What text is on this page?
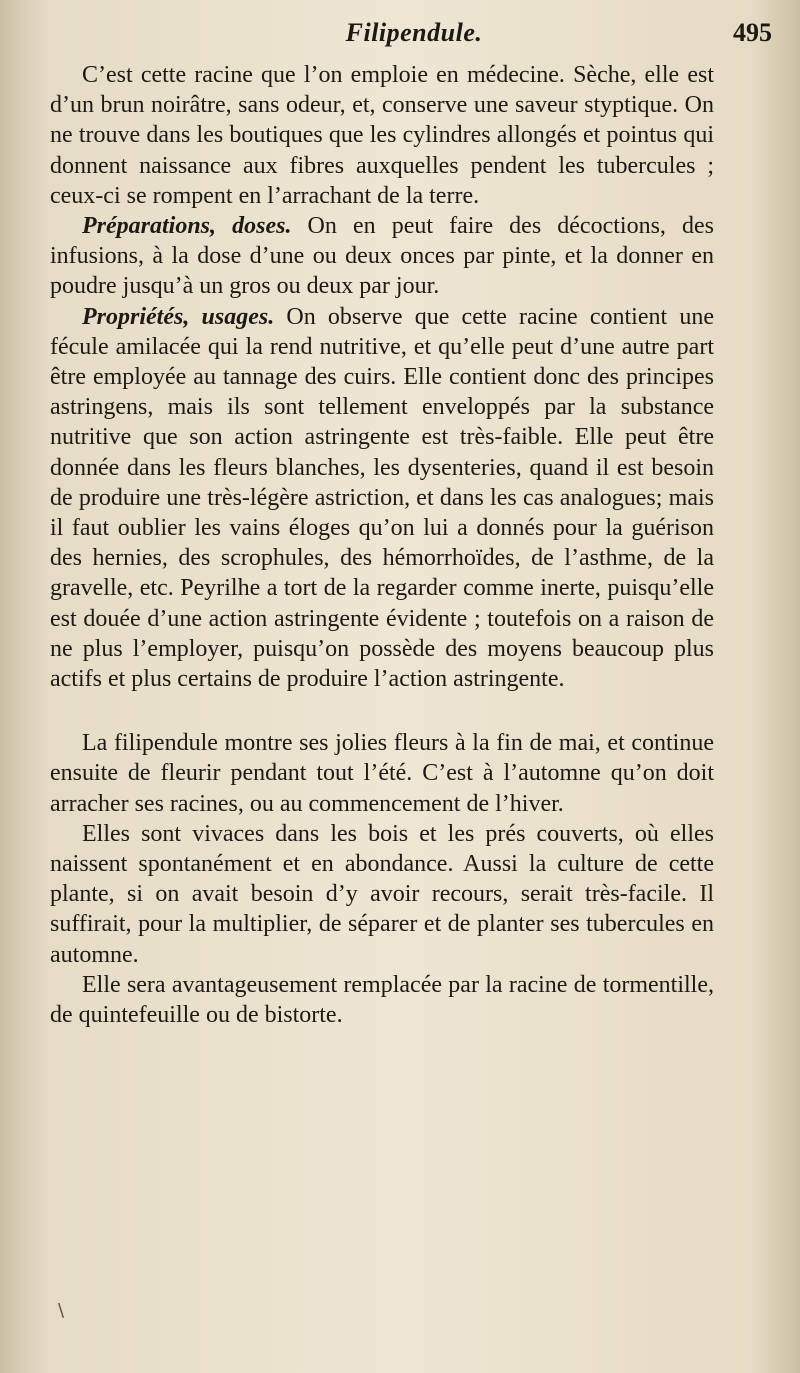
Filipendule.	495

C’est cette racine que l’on emploie en médecine. Sèche, elle est d’un brun noirâtre, sans odeur, et, conserve une saveur styptique. On ne trouve dans les boutiques que les cylindres allongés et pointus qui donnent naissance aux fibres auxquelles pendent les tubercules ; ceux-ci se rompent en l’arrachant de la terre.

Préparations, doses. On en peut faire des décoctions, des infusions, à la dose d’une ou deux onces par pinte, et la donner en poudre jusqu’à un gros ou deux par jour.

Propriétés, usages. On observe que cette racine contient une fécule amilacée qui la rend nutritive, et qu’elle peut d’une autre part être employée au tannage des cuirs. Elle contient donc des principes astringens, mais ils sont tellement enveloppés par la substance nutritive que son action astringente est très-faible. Elle peut être donnée dans les fleurs blanches, les dysenteries, quand il est besoin de produire une très-légère astriction, et dans les cas analogues; mais il faut oublier les vains éloges qu’on lui a donnés pour la guérison des hernies, des scrophules, des hémorrhoïdes, de l’asthme, de la gravelle, etc. Peyrilhe a tort de la regarder comme inerte, puisqu’elle est douée d’une action astringente évidente ; toutefois on a raison de ne plus l’employer, puisqu’on possède des moyens beaucoup plus actifs et plus certains de produire l’action astringente.

La filipendule montre ses jolies fleurs à la fin de mai, et continue ensuite de fleurir pendant tout l’été. C’est à l’automne qu’on doit arracher ses racines, ou au commencement de l’hiver.

Elles sont vivaces dans les bois et les prés couverts, où elles naissent spontanément et en abondance. Aussi la culture de cette plante, si on avait besoin d’y avoir recours, serait très-facile. Il suffirait, pour la multiplier, de séparer et de planter ses tubercules en automne.

Elle sera avantageusement remplacée par la racine de tormentille, de quintefeuille ou de bistorte.

\
